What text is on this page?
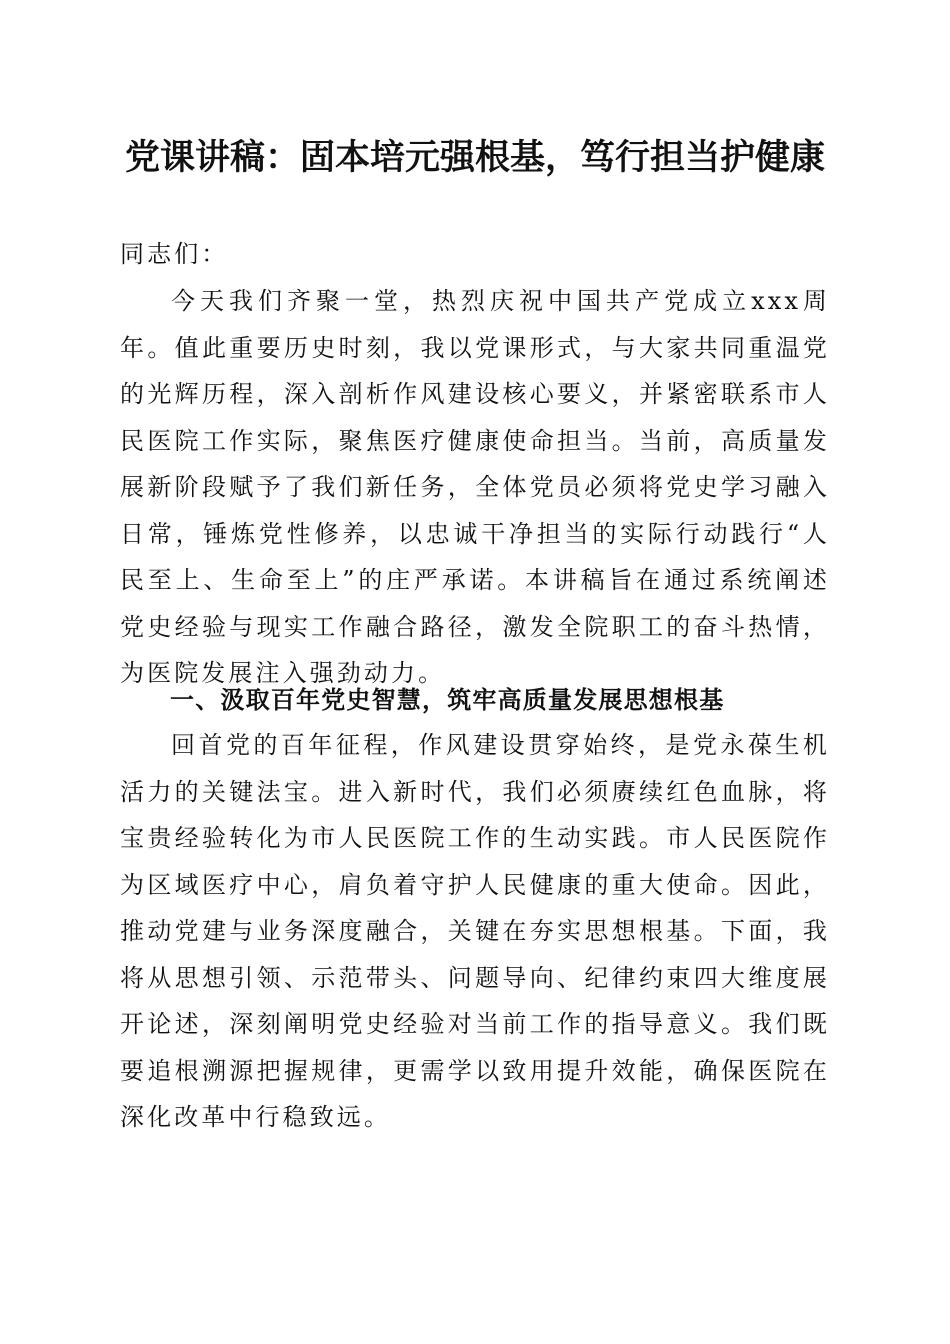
党课讲稿：固本培元强根基，笃行担当护健康

同志们：

今天我们齐聚一堂，热烈庆祝中国共产党成立xxx周年。值此重要历史时刻，我以党课形式，与大家共同重温党的光辉历程，深入剖析作风建设核心要义，并紧密联系市人民医院工作实际，聚焦医疗健康使命担当。当前，高质量发展新阶段赋予了我们新任务，全体党员必须将党史学习融入日常，锤炼党性修养，以忠诚干净担当的实际行动践行“人民至上、生命至上”的庄严承诺。本讲稿旨在通过系统阐述党史经验与现实工作融合路径，激发全院职工的奋斗热情，为医院发展注入强劲动力。

一、汲取百年党史智慧，筑牢高质量发展思想根基

回首党的百年征程，作风建设贯穿始终，是党永葆生机活力的关键法宝。进入新时代，我们必须赓续红色血脉，将宝贵经验转化为市人民医院工作的生动实践。市人民医院作为区域医疗中心，肩负着守护人民健康的重大使命。因此，推动党建与业务深度融合，关键在夯实思想根基。下面，我将从思想引领、示范带头、问题导向、纪律约束四大维度展开论述，深刻阐明党史经验对当前工作的指导意义。我们既要追根溯源把握规律，更需学以致用提升效能，确保医院在深化改革中行稳致远。
